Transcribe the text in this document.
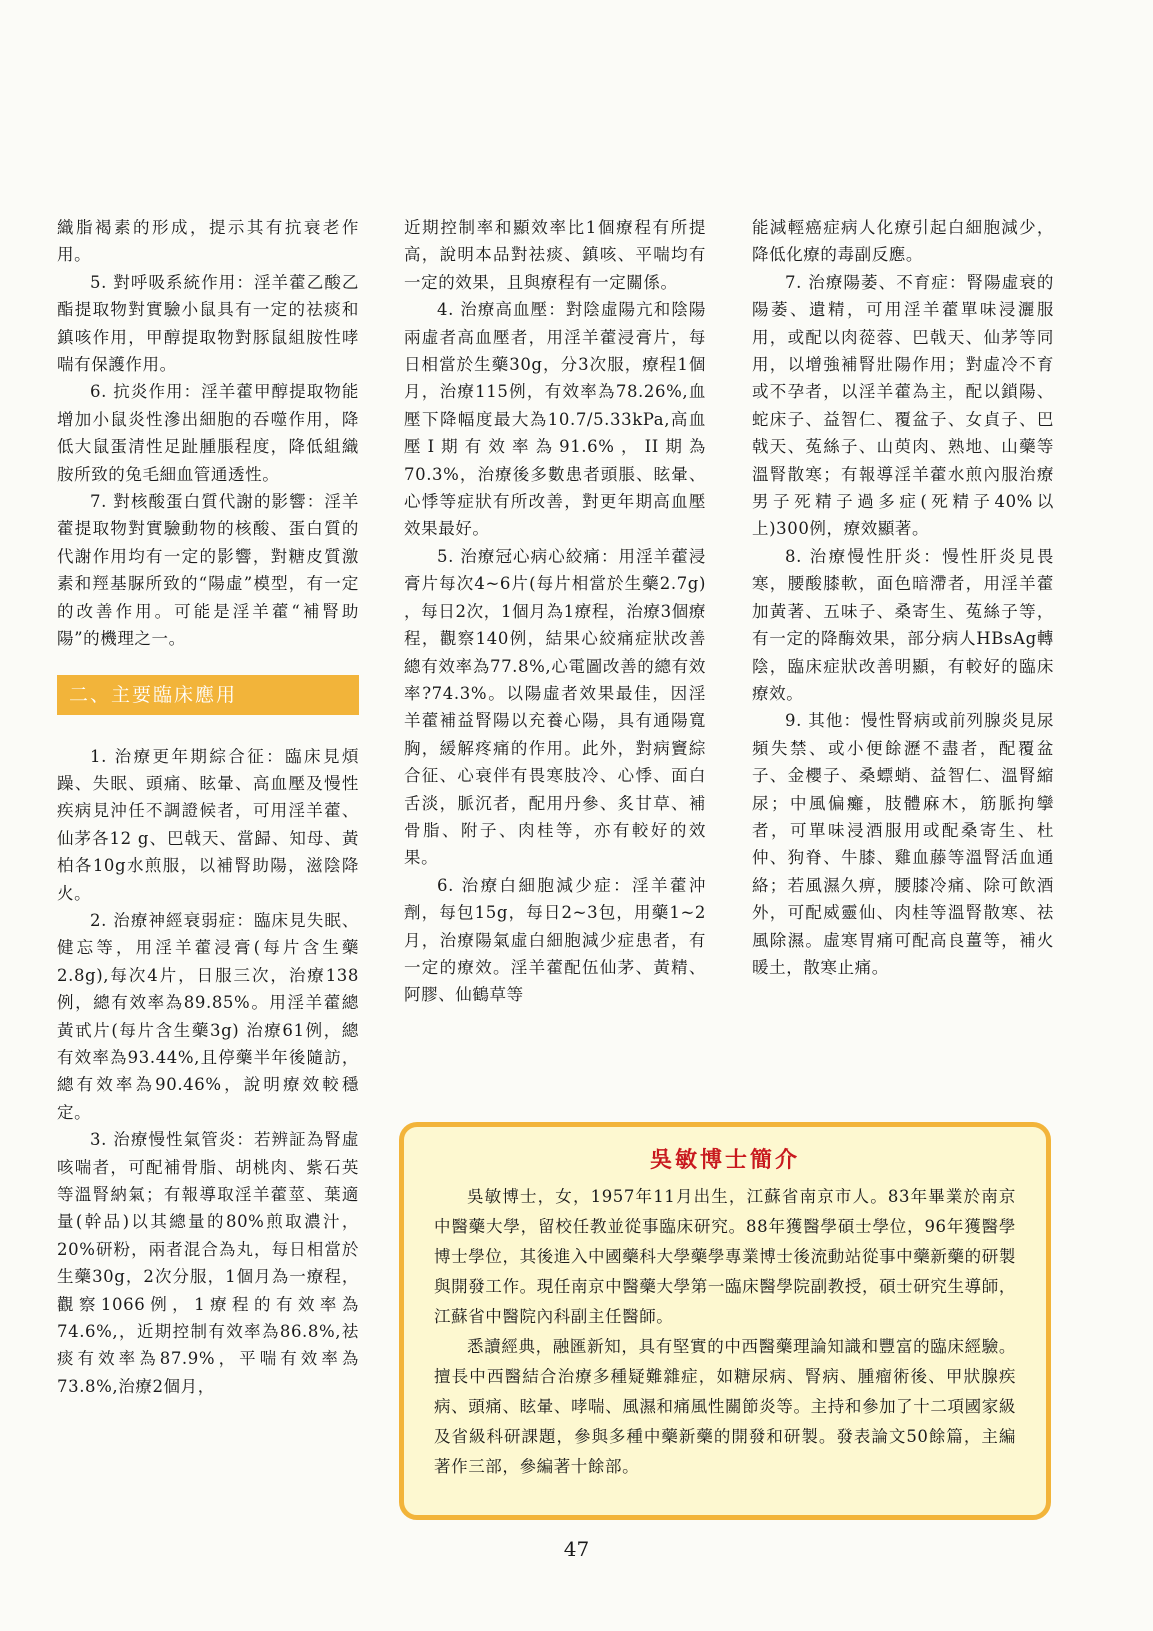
織脂褐素的形成，提示其有抗衰老作用。

5. 對呼吸系統作用：淫羊藿乙酸乙酯提取物對實驗小鼠具有一定的祛痰和鎮咳作用，甲醇提取物對豚鼠組胺性哮喘有保護作用。

6. 抗炎作用：淫羊藿甲醇提取物能增加小鼠炎性滲出細胞的吞噬作用，降低大鼠蛋清性足趾腫脹程度，降低組織胺所致的兔毛細血管通透性。

7. 對核酸蛋白質代謝的影響：淫羊藿提取物對實驗動物的核酸、蛋白質的代謝作用均有一定的影響，對糖皮質激素和羥基脲所致的“陽虛”模型，有一定的改善作用。可能是淫羊藿“補腎助陽”的機理之一。

二、主要臨床應用

1. 治療更年期綜合征：臨床見煩躁、失眠、頭痛、眩暈、高血壓及慢性疾病見沖任不調證候者，可用淫羊藿、仙茅各12 g、巴戟天、當歸、知母、黃柏各10g水煎服，以補腎助陽，滋陰降火。

2. 治療神經衰弱症：臨床見失眠、健忘等，用淫羊藿浸膏(每片含生藥2.8g),每次4片，日服三次，治療138例，總有效率為89.85%。用淫羊藿總黃甙片(每片含生藥3g) 治療61例，總有效率為93.44%,且停藥半年後隨訪，總有效率為90.46%，說明療效較穩定。

3. 治療慢性氣管炎：若辨証為腎虛咳喘者，可配補骨脂、胡桃肉、紫石英等溫腎納氣；有報導取淫羊藿莖、葉適量(幹品)以其總量的80%煎取濃汁，20%研粉，兩者混合為丸，每日相當於生藥30g，2次分服，1個月為一療程，觀察1066例，1療程的有效率為74.6%,，近期控制有效率為86.8%,祛痰有效率為87.9%，平喘有效率為73.8%,治療2個月，

近期控制率和顯效率比1個療程有所提高，說明本品對祛痰、鎮咳、平喘均有一定的效果，且與療程有一定關係。

4. 治療高血壓：對陰虛陽亢和陰陽兩虛者高血壓者，用淫羊藿浸膏片，每日相當於生藥30g，分3次服，療程1個月，治療115例，有效率為78.26%,血壓下降幅度最大為10.7/5.33kPa,高血壓I期有效率為91.6%，II期為70.3%，治療後多數患者頭脹、眩暈、心悸等症狀有所改善，對更年期高血壓效果最好。

5. 治療冠心病心絞痛：用淫羊藿浸膏片每次4~6片(每片相當於生藥2.7g) ，每日2次，1個月為1療程，治療3個療程，觀察140例，結果心絞痛症狀改善總有效率為77.8%,心電圖改善的總有效率?74.3%。以陽虛者效果最佳，因淫羊藿補益腎陽以充養心陽，具有通陽寬胸，緩解疼痛的作用。此外，對病竇綜合征、心衰伴有畏寒肢冷、心悸、面白舌淡，脈沉者，配用丹參、炙甘草、補骨脂、附子、肉桂等，亦有較好的效果。

6. 治療白細胞減少症：淫羊藿沖劑，每包15g，每日2~3包，用藥1~2月，治療陽氣虛白細胞減少症患者，有一定的療效。淫羊藿配伍仙茅、黃精、阿膠、仙鶴草等

能減輕癌症病人化療引起白細胞減少，降低化療的毒副反應。

7. 治療陽萎、不育症：腎陽虛衰的陽萎、遺精，可用淫羊藿單味浸灑服用，或配以肉蓯蓉、巴戟天、仙茅等同用，以增強補腎壯陽作用；對虛冷不育或不孕者，以淫羊藿為主，配以鎖陽、蛇床子、益智仁、覆盆子、女貞子、巴戟天、菟絲子、山萸肉、熟地、山藥等溫腎散寒；有報導淫羊藿水煎內服治療男子死精子過多症(死精子40%以上)300例，療效顯著。

8. 治療慢性肝炎：慢性肝炎見畏寒，腰酸膝軟，面色暗滯者，用淫羊藿加黃著、五味子、桑寄生、菟絲子等，有一定的降酶效果，部分病人HBsAg轉陰，臨床症狀改善明顯，有較好的臨床療效。

9. 其他：慢性腎病或前列腺炎見尿頻失禁、或小便餘瀝不盡者，配覆盆子、金櫻子、桑螵蛸、益智仁、溫腎縮尿；中風偏癱，肢體麻木，筋脈拘攣者，可單味浸酒服用或配桑寄生、杜仲、狗脊、牛膝、雞血藤等溫腎活血通絡；若風濕久痹，腰膝冷痛、除可飲酒外，可配威靈仙、肉桂等溫腎散寒、祛風除濕。虛寒胃痛可配高良薑等，補火暖土，散寒止痛。

吳敏博士簡介

吳敏博士，女，1957年11月出生，江蘇省南京市人。83年畢業於南京中醫藥大學，留校任教並從事臨床研究。88年獲醫學碩士學位，96年獲醫學博士學位，其後進入中國藥科大學藥學專業博士後流動站從事中藥新藥的研製與開發工作。現任南京中醫藥大學第一臨床醫學院副教授，碩士研究生導師，江蘇省中醫院內科副主任醫師。

悉讀經典，融匯新知，具有堅實的中西醫藥理論知識和豐富的臨床經驗。擅長中西醫結合治療多種疑難雜症，如糖尿病、腎病、腫瘤術後、甲狀腺疾病、頭痛、眩暈、哮喘、風濕和痛風性關節炎等。主持和參加了十二項國家級及省級科研課題，參與多種中藥新藥的開發和研製。發表論文50餘篇，主編著作三部，參編著十餘部。

47
